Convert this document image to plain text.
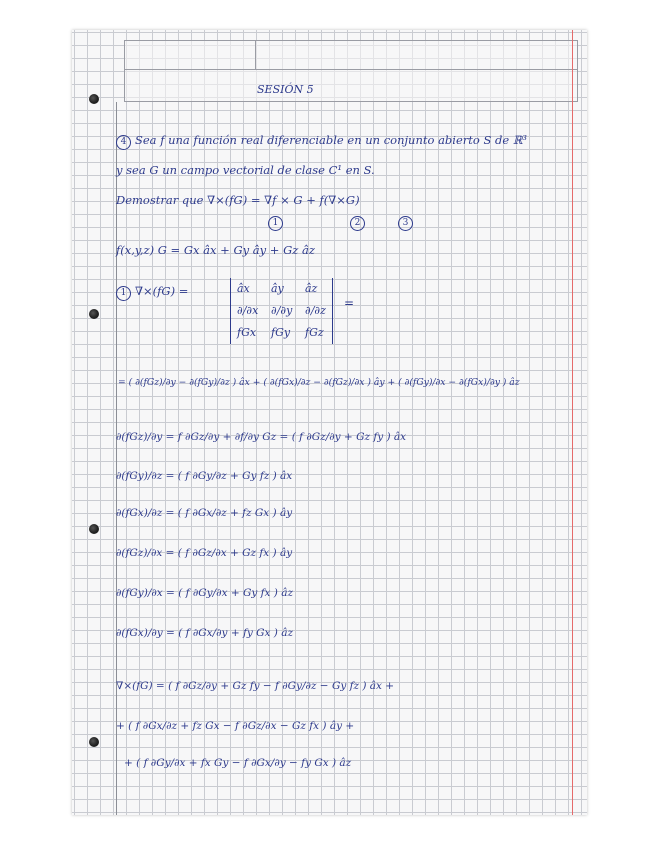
SESIÓN 5
4 Sea f una función real diferenciable en un conjunto abierto S de ℝ³
y sea G un campo vectorial de clase C¹ en S.
Demostrar que ∇×(fG) = ∇f × G + f(∇×G)
1	2	3
f(x,y,z) G = Gx âx + Gy ây + Gz âz
1 ∇×(fG) =	âx ây âz
∂/∂x ∂/∂y ∂/∂z
fGx fGy fGz
=
= ( ∂(fGz)/∂y − ∂(fGy)/∂z ) âx + ( ∂(fGx)/∂z − ∂(fGz)/∂x ) ây + ( ∂(fGy)/∂x − ∂(fGx)/∂y ) âz
∂(fGz)/∂y = f ∂Gz/∂y + ∂f/∂y Gz = ( f ∂Gz/∂y + Gz fy ) âx
∂(fGy)/∂z = ( f ∂Gy/∂z + Gy fz ) âx
∂(fGx)/∂z = ( f ∂Gx/∂z + fz Gx ) ây
∂(fGz)/∂x = ( f ∂Gz/∂x + Gz fx ) ây
∂(fGy)/∂x = ( f ∂Gy/∂x + Gy fx ) âz
∂(fGx)/∂y = ( f ∂Gx/∂y + fy Gx ) âz
∇×(fG) = ( f ∂Gz/∂y + Gz fy − f ∂Gy/∂z − Gy fz ) âx +
+ ( f ∂Gx/∂z + fz Gx − f ∂Gz/∂x − Gz fx ) ây +
+ ( f ∂Gy/∂x + fx Gy − f ∂Gx/∂y − fy Gx ) âz
